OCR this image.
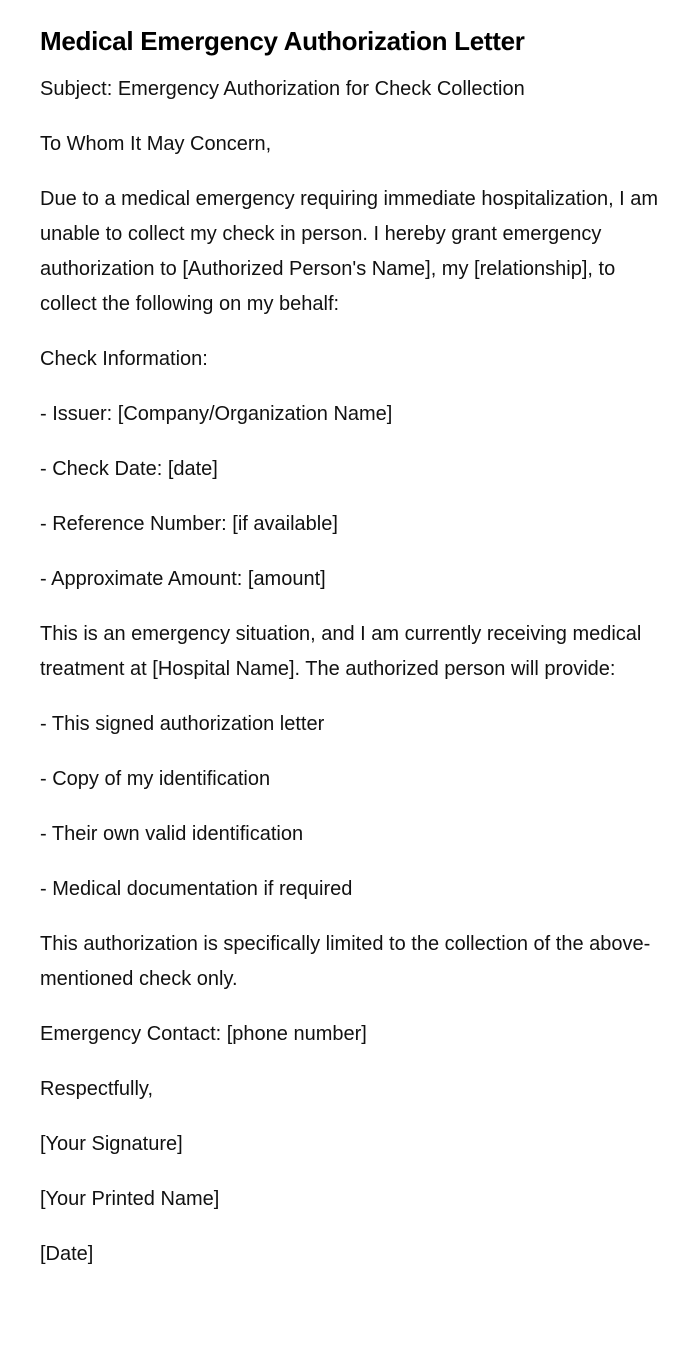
Medical Emergency Authorization Letter

Subject: Emergency Authorization for Check Collection

To Whom It May Concern,

Due to a medical emergency requiring immediate hospitalization, I am unable to collect my check in person. I hereby grant emergency authorization to [Authorized Person's Name], my [relationship], to collect the following on my behalf:

Check Information:

- Issuer: [Company/Organization Name]

- Check Date: [date]

- Reference Number: [if available]

- Approximate Amount: [amount]

This is an emergency situation, and I am currently receiving medical treatment at [Hospital Name]. The authorized person will provide:

- This signed authorization letter

- Copy of my identification

- Their own valid identification

- Medical documentation if required

This authorization is specifically limited to the collection of the above-mentioned check only.

Emergency Contact: [phone number]

Respectfully,

[Your Signature]

[Your Printed Name]

[Date]
